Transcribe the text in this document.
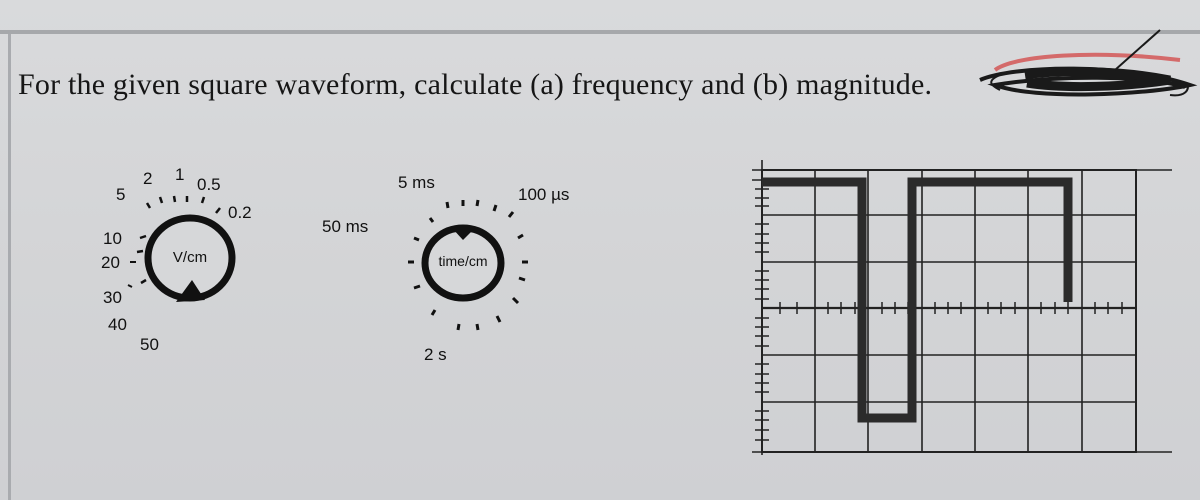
For the given square waveform, calculate (a) frequency and (b) magnitude.
V/cm
5
2 1
0.5
0.2
10
20
30
40
50
time/cm
5 ms
100 µs
50 ms
2 s
